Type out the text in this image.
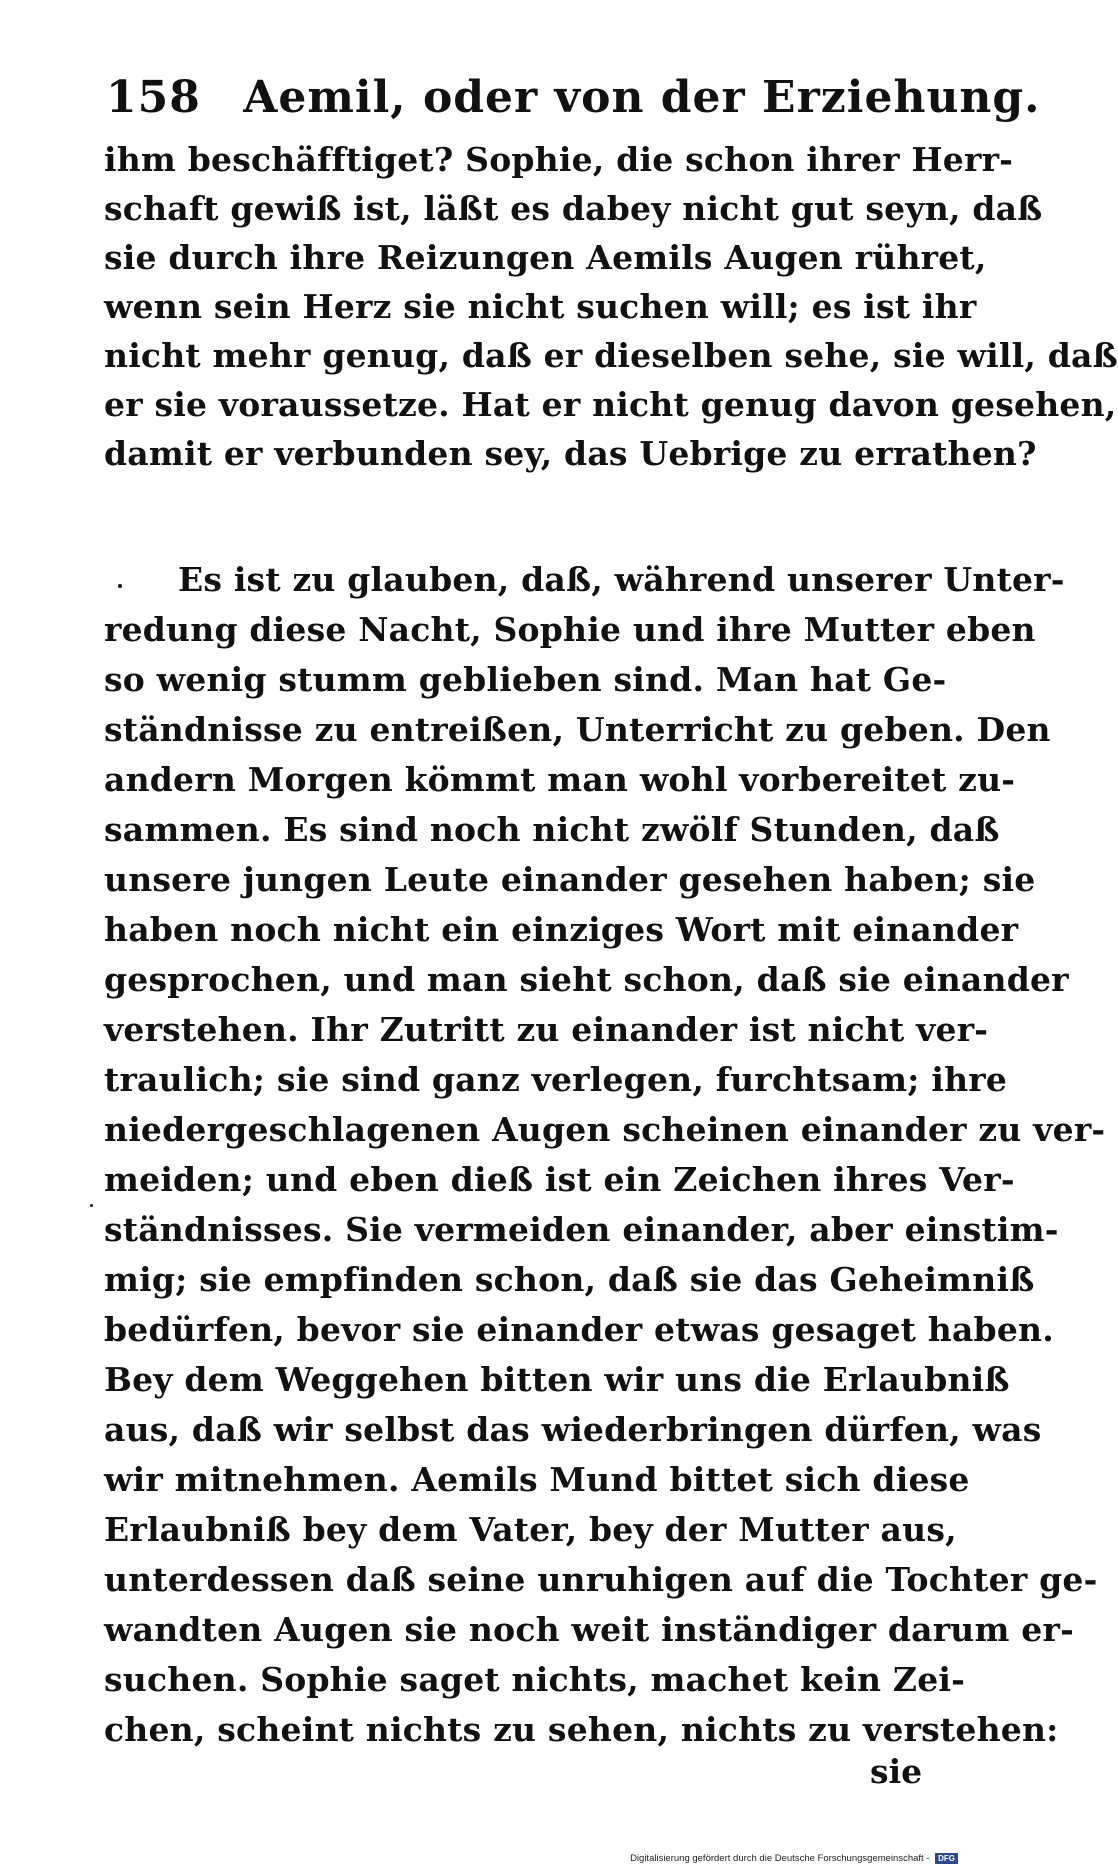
158 Aemil, oder von der Erziehung.
ihm beschäfftiget? Sophie, die schon ihrer Herr-
schaft gewiß ist, läßt es dabey nicht gut seyn, daß
sie durch ihre Reizungen Aemils Augen rühret,
wenn sein Herz sie nicht suchen will; es ist ihr
nicht mehr genug, daß er dieselben sehe, sie will, daß
er sie voraussetze. Hat er nicht genug davon gesehen,
damit er verbunden sey, das Uebrige zu errathen?
Es ist zu glauben, daß, während unserer Unter-
redung diese Nacht, Sophie und ihre Mutter eben
so wenig stumm geblieben sind. Man hat Ge-
ständnisse zu entreißen, Unterricht zu geben. Den
andern Morgen kömmt man wohl vorbereitet zu-
sammen. Es sind noch nicht zwölf Stunden, daß
unsere jungen Leute einander gesehen haben; sie
haben noch nicht ein einziges Wort mit einander
gesprochen, und man sieht schon, daß sie einander
verstehen. Ihr Zutritt zu einander ist nicht ver-
traulich; sie sind ganz verlegen, furchtsam; ihre
niedergeschlagenen Augen scheinen einander zu ver-
meiden; und eben dieß ist ein Zeichen ihres Ver-
ständnisses. Sie vermeiden einander, aber einstim-
mig; sie empfinden schon, daß sie das Geheimniß
bedürfen, bevor sie einander etwas gesaget haben.
Bey dem Weggehen bitten wir uns die Erlaubniß
aus, daß wir selbst das wiederbringen dürfen, was
wir mitnehmen. Aemils Mund bittet sich diese
Erlaubniß bey dem Vater, bey der Mutter aus,
unterdessen daß seine unruhigen auf die Tochter ge-
wandten Augen sie noch weit inständiger darum er-
suchen. Sophie saget nichts, machet kein Zei-
chen, scheint nichts zu sehen, nichts zu verstehen:
sie
Digitalisierung gefördert durch die Deutsche Forschungsgemeinschaft - DFG
